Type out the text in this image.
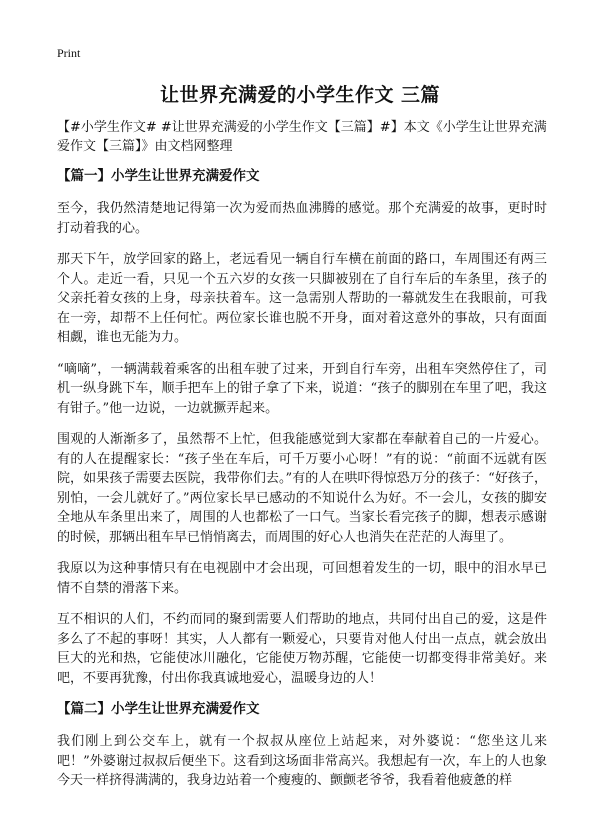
Print
让世界充满爱的小学生作文 三篇

【#小学生作文# #让世界充满爱的小学生作文【三篇】#】本文《小学生让世界充满爱作文【三篇】》由文档网整理

【篇一】小学生让世界充满爱作文

至今，我仍然清楚地记得第一次为爱而热血沸腾的感觉。那个充满爱的故事，更时时打动着我的心。

那天下午，放学回家的路上，老远看见一辆自行车横在前面的路口，车周围还有两三个人。走近一看，只见一个五六岁的女孩一只脚被别在了自行车后的车条里，孩子的父亲托着女孩的上身，母亲扶着车。这一急需别人帮助的一幕就发生在我眼前，可我在一旁，却帮不上任何忙。两位家长谁也脱不开身，面对着这意外的事故，只有面面相觑，谁也无能为力。

“嘀嘀”，一辆满载着乘客的出租车驶了过来，开到自行车旁，出租车突然停住了，司机一纵身跳下车，顺手把车上的钳子拿了下来，说道：“孩子的脚别在车里了吧，我这有钳子。”他一边说，一边就撅弄起来。

围观的人渐渐多了，虽然帮不上忙，但我能感觉到大家都在奉献着自己的一片爱心。有的人在提醒家长：“孩子坐在车后，可千万要小心呀！”有的说：“前面不远就有医院，如果孩子需要去医院，我带你们去。”有的人在哄吓得惊恐万分的孩子：“好孩子，别怕，一会儿就好了。”两位家长早已感动的不知说什么为好。不一会儿，女孩的脚安全地从车条里出来了，周围的人也都松了一口气。当家长看完孩子的脚，想表示感谢的时候，那辆出租车早已悄悄离去，而周围的好心人也消失在茫茫的人海里了。

我原以为这种事情只有在电视剧中才会出现，可回想着发生的一切，眼中的泪水早已情不自禁的滑落下来。

互不相识的人们，不约而同的聚到需要人们帮助的地点，共同付出自己的爱，这是件多么了不起的事呀！其实，人人都有一颗爱心，只要肯对他人付出一点点，就会放出巨大的光和热，它能使冰川融化，它能使万物苏醒，它能使一切都变得非常美好。来吧，不要再犹豫，付出你我真诚地爱心，温暖身边的人！

【篇二】小学生让世界充满爱作文

我们刚上到公交车上，就有一个叔叔从座位上站起来，对外婆说：“您坐这儿来吧！”外婆谢过叔叔后便坐下。这看到这场面非常高兴。我想起有一次，车上的人也象今天一样挤得满满的，我身边站着一个瘦瘦的、颤颤老爷爷，我看着他疲惫的样
